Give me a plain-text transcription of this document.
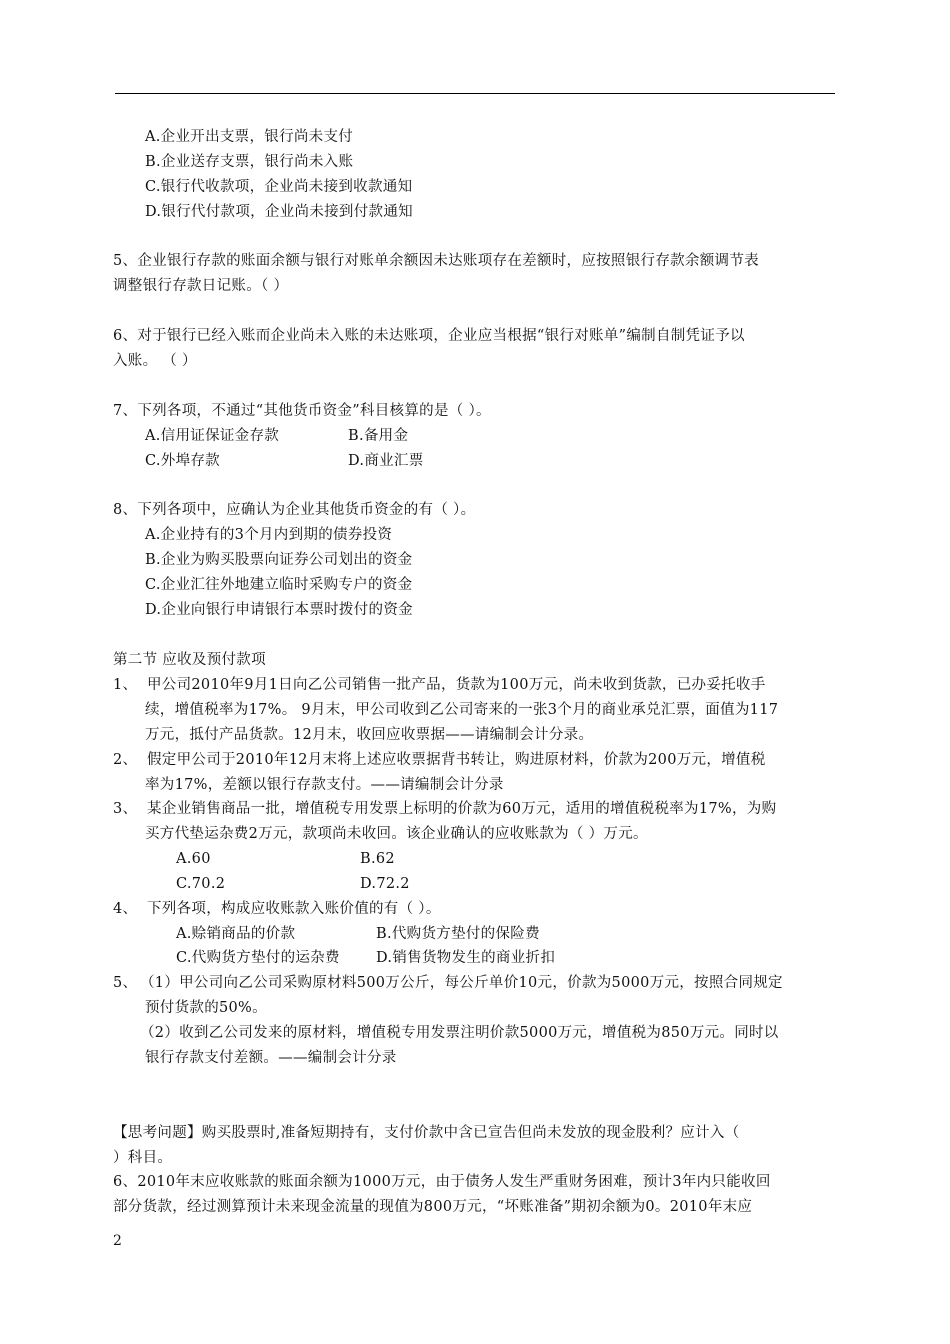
A.企业开出支票，银行尚未支付
B.企业送存支票，银行尚未入账
C.银行代收款项，企业尚未接到收款通知
D.银行代付款项，企业尚未接到付款通知
5、企业银行存款的账面余额与银行对账单余额因未达账项存在差额时，应按照银行存款余额调节表
调整银行存款日记账。（ ）
6、对于银行已经入账而企业尚未入账的未达账项，企业应当根据“银行对账单”编制自制凭证予以
入账。 （ ）
7、下列各项，不通过“其他货币资金”科目核算的是（ ）。
A.信用证保证金存款	B.备用金
C.外埠存款	D.商业汇票
8、下列各项中，应确认为企业其他货币资金的有（ ）。
A.企业持有的3个月内到期的债券投资
B.企业为购买股票向证券公司划出的资金
C.企业汇往外地建立临时采购专户的资金
D.企业向银行申请银行本票时拨付的资金
第二节 应收及预付款项
1、 甲公司2010年9月1日向乙公司销售一批产品，货款为100万元，尚未收到货款，已办妥托收手
续，增值税率为17%。 9月末，甲公司收到乙公司寄来的一张3个月的商业承兑汇票，面值为117
万元，抵付产品货款。12月末，收回应收票据——请编制会计分录。
2、 假定甲公司于2010年12月末将上述应收票据背书转让，购进原材料，价款为200万元，增值税
率为17%，差额以银行存款支付。——请编制会计分录
3、 某企业销售商品一批，增值税专用发票上标明的价款为60万元，适用的增值税税率为17%，为购
买方代垫运杂费2万元，款项尚未收回。该企业确认的应收账款为（ ）万元。
A.60	B.62
C.70.2	D.72.2
4、 下列各项，构成应收账款入账价值的有（ ）。
A.赊销商品的价款	B.代购货方垫付的保险费
C.代购货方垫付的运杂费 D.销售货物发生的商业折扣
5、 （1）甲公司向乙公司采购原材料500万公斤，每公斤单价10元，价款为5000万元，按照合同规定
预付货款的50%。
（2）收到乙公司发来的原材料，增值税专用发票注明价款5000万元，增值税为850万元。同时以
银行存款支付差额。——编制会计分录
【思考问题】购买股票时,准备短期持有，支付价款中含已宣告但尚未发放的现金股利？应计入（
）科目。
6、2010年末应收账款的账面余额为1000万元，由于债务人发生严重财务困难，预计3年内只能收回
部分货款，经过测算预计未来现金流量的现值为800万元，“坏账准备”期初余额为0。2010年末应
2
